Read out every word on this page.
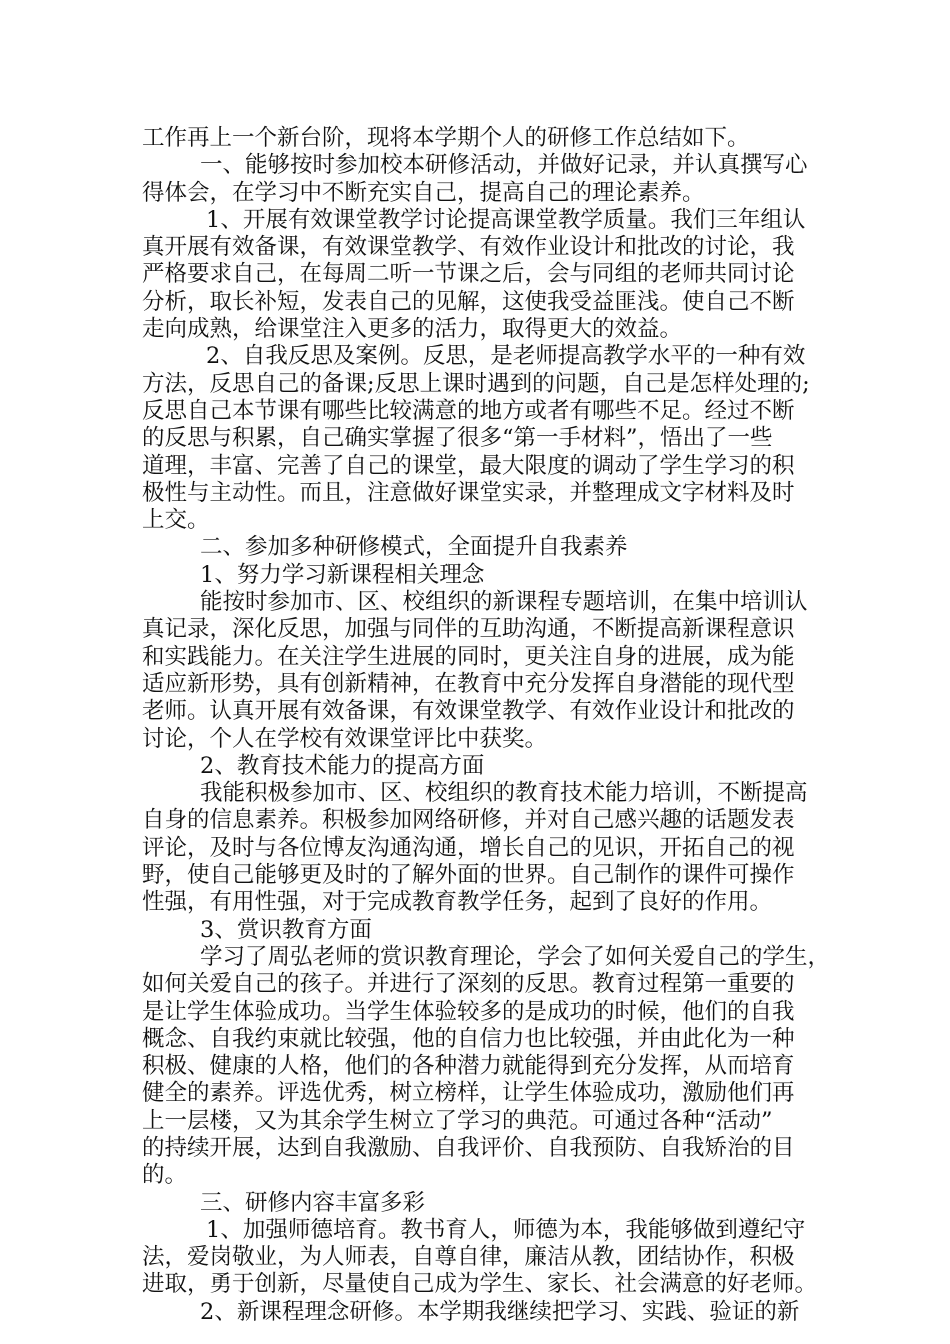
工作再上一个新台阶，现将本学期个人的研修工作总结如下。
一、能够按时参加校本研修活动，并做好记录，并认真撰写心
得体会，在学习中不断充实自己，提高自己的理论素养。
1、开展有效课堂教学讨论提高课堂教学质量。我们三年组认
真开展有效备课，有效课堂教学、有效作业设计和批改的讨论，我
严格要求自己，在每周二听一节课之后，会与同组的老师共同讨论
分析，取长补短，发表自己的见解，这使我受益匪浅。使自己不断
走向成熟，给课堂注入更多的活力，取得更大的效益。
2、自我反思及案例。反思，是老师提高教学水平的一种有效
方法，反思自己的备课;反思上课时遇到的问题，自己是怎样处理的;
反思自己本节课有哪些比较满意的地方或者有哪些不足。经过不断
的反思与积累，自己确实掌握了很多“第一手材料”，悟出了一些
道理，丰富、完善了自己的课堂，最大限度的调动了学生学习的积
极性与主动性。而且，注意做好课堂实录，并整理成文字材料及时
上交。
二、参加多种研修模式，全面提升自我素养
1、努力学习新课程相关理念
能按时参加市、区、校组织的新课程专题培训，在集中培训认
真记录，深化反思，加强与同伴的互助沟通，不断提高新课程意识
和实践能力。在关注学生进展的同时，更关注自身的进展，成为能
适应新形势，具有创新精神，在教育中充分发挥自身潜能的现代型
老师。认真开展有效备课，有效课堂教学、有效作业设计和批改的
讨论，个人在学校有效课堂评比中获奖。
2、教育技术能力的提高方面
我能积极参加市、区、校组织的教育技术能力培训，不断提高
自身的信息素养。积极参加网络研修，并对自己感兴趣的话题发表
评论，及时与各位博友沟通沟通，增长自己的见识，开拓自己的视
野，使自己能够更及时的了解外面的世界。自己制作的课件可操作
性强，有用性强，对于完成教育教学任务，起到了良好的作用。
3、赏识教育方面
学习了周弘老师的赏识教育理论，学会了如何关爱自己的学生，
如何关爱自己的孩子。并进行了深刻的反思。教育过程第一重要的
是让学生体验成功。当学生体验较多的是成功的时候，他们的自我
概念、自我约束就比较强，他的自信力也比较强，并由此化为一种
积极、健康的人格，他们的各种潜力就能得到充分发挥，从而培育
健全的素养。评选优秀，树立榜样，让学生体验成功，激励他们再
上一层楼，又为其余学生树立了学习的典范。可通过各种“活动”
的持续开展，达到自我激励、自我评价、自我预防、自我矫治的目
的。
三、研修内容丰富多彩
1、加强师德培育。教书育人，师德为本，我能够做到遵纪守
法，爱岗敬业，为人师表，自尊自律，廉洁从教，团结协作，积极
进取，勇于创新，尽量使自己成为学生、家长、社会满意的好老师。
2、新课程理念研修。本学期我继续把学习、实践、验证的新
